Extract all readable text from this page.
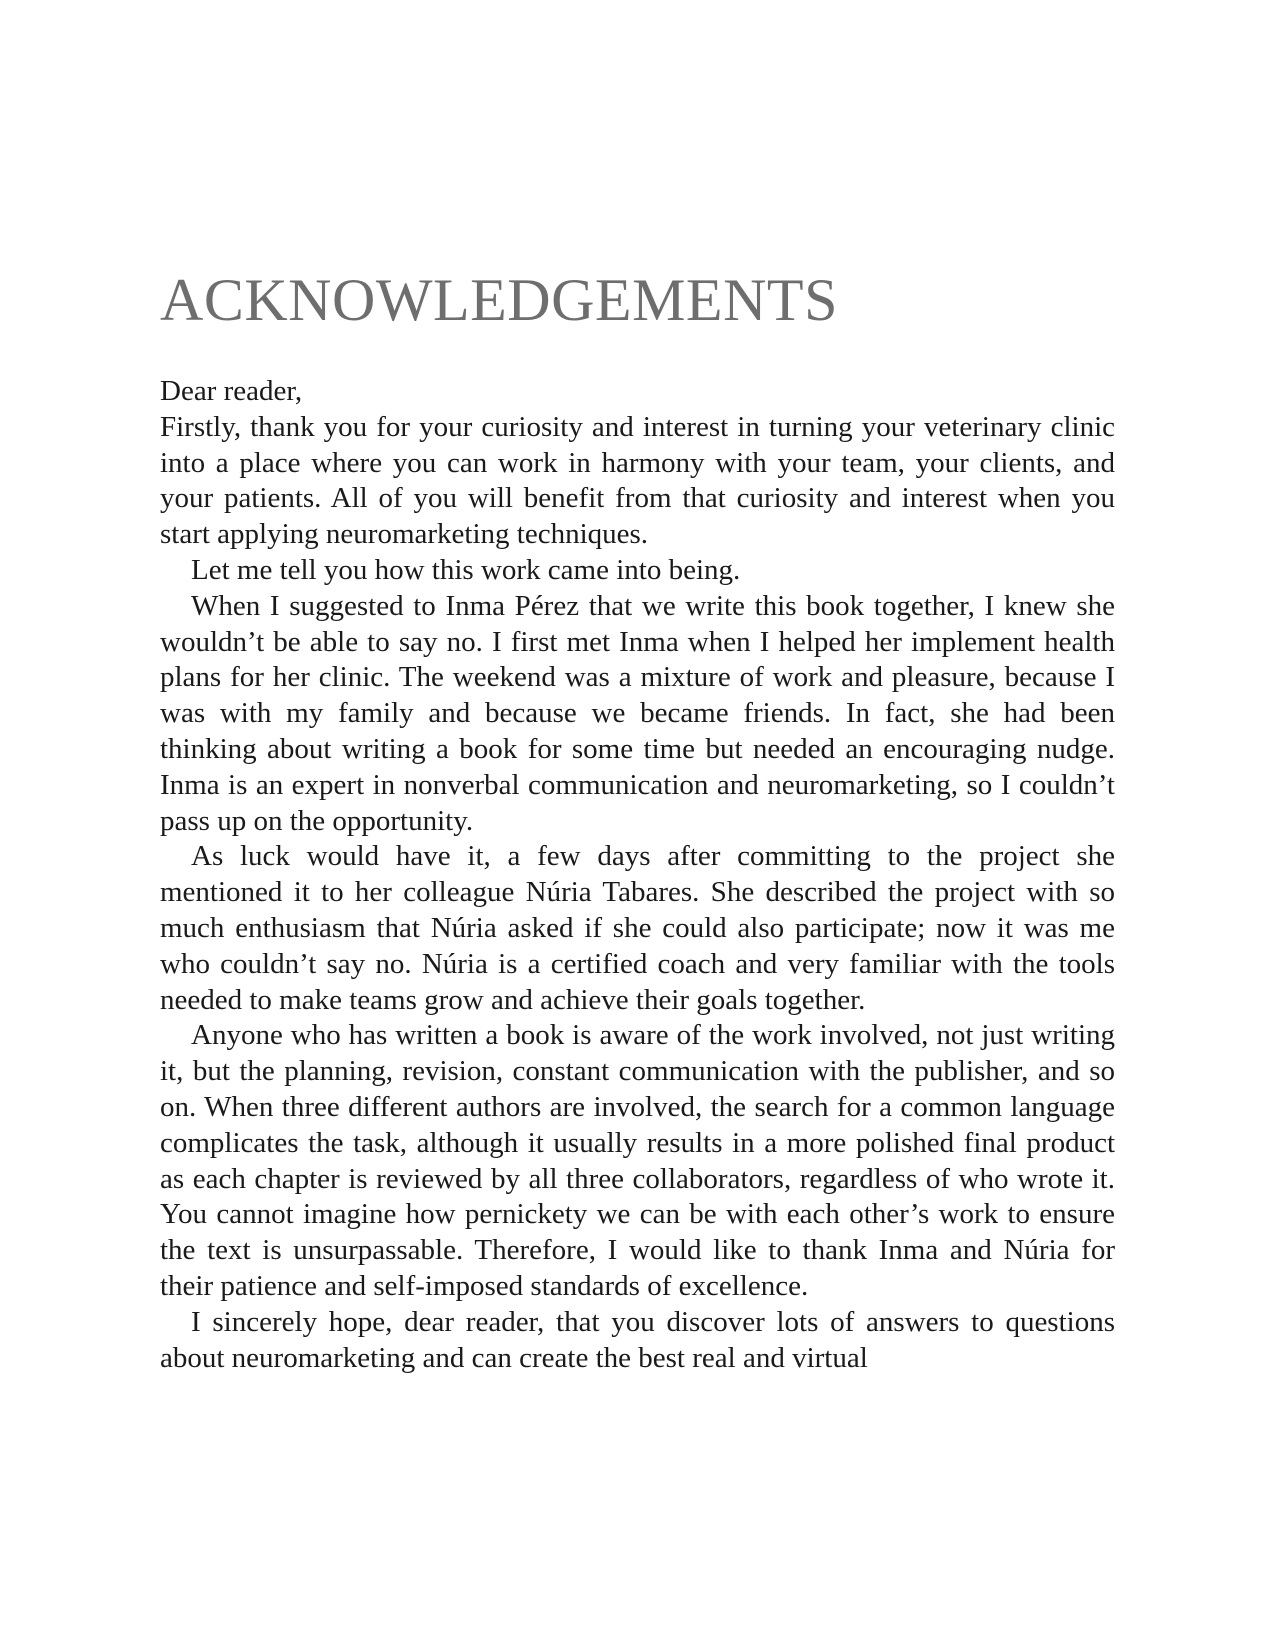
ACKNOWLEDGEMENTS

Dear reader,

Firstly, thank you for your curiosity and interest in turning your veterinary clinic into a place where you can work in harmony with your team, your clients, and your patients. All of you will benefit from that curiosity and interest when you start applying neuromarketing techniques.

Let me tell you how this work came into being.

When I suggested to Inma Pérez that we write this book together, I knew she wouldn’t be able to say no. I first met Inma when I helped her implement health plans for her clinic. The weekend was a mixture of work and pleasure, because I was with my family and because we became friends. In fact, she had been thinking about writing a book for some time but needed an encouraging nudge. Inma is an expert in nonverbal communication and neuromarketing, so I couldn’t pass up on the opportunity.

As luck would have it, a few days after committing to the project she mentioned it to her colleague Núria Tabares. She described the project with so much enthusiasm that Núria asked if she could also participate; now it was me who couldn’t say no. Núria is a certified coach and very familiar with the tools needed to make teams grow and achieve their goals together.

Anyone who has written a book is aware of the work involved, not just writing it, but the planning, revision, constant communication with the publisher, and so on. When three different authors are involved, the search for a common language complicates the task, although it usually results in a more polished final product as each chapter is reviewed by all three collaborators, regardless of who wrote it. You cannot imagine how pernickety we can be with each other’s work to ensure the text is unsurpassable. Therefore, I would like to thank Inma and Núria for their patience and self-imposed standards of excellence.

I sincerely hope, dear reader, that you discover lots of answers to questions about neuromarketing and can create the best real and virtual
